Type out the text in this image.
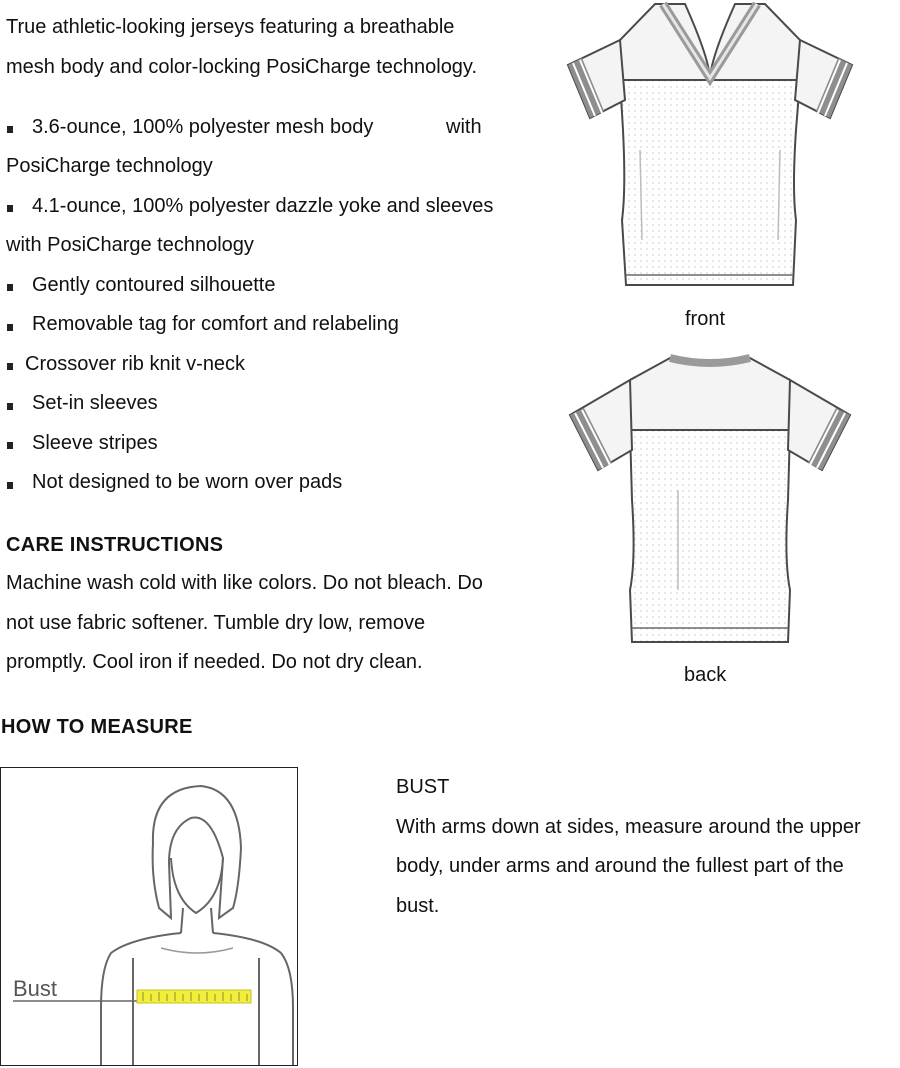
True athletic-looking jerseys featuring a breathable
mesh body and color-locking PosiCharge technology.
3.6-ounce, 100% polyester mesh body	with
PosiCharge technology
4.1-ounce, 100% polyester dazzle yoke and sleeves
with PosiCharge technology
Gently contoured silhouette
Removable tag for comfort and relabeling
Crossover rib knit v-neck
Set-in sleeves
Sleeve stripes
Not designed to be worn over pads
CARE INSTRUCTIONS
Machine wash cold with like colors. Do not bleach. Do
not use fabric softener. Tumble dry low, remove
promptly. Cool iron if needed. Do not dry clean.
front
back
HOW TO MEASURE
Bust
BUST
With arms down at sides, measure around the upper
body, under arms and around the fullest part of the
bust.
